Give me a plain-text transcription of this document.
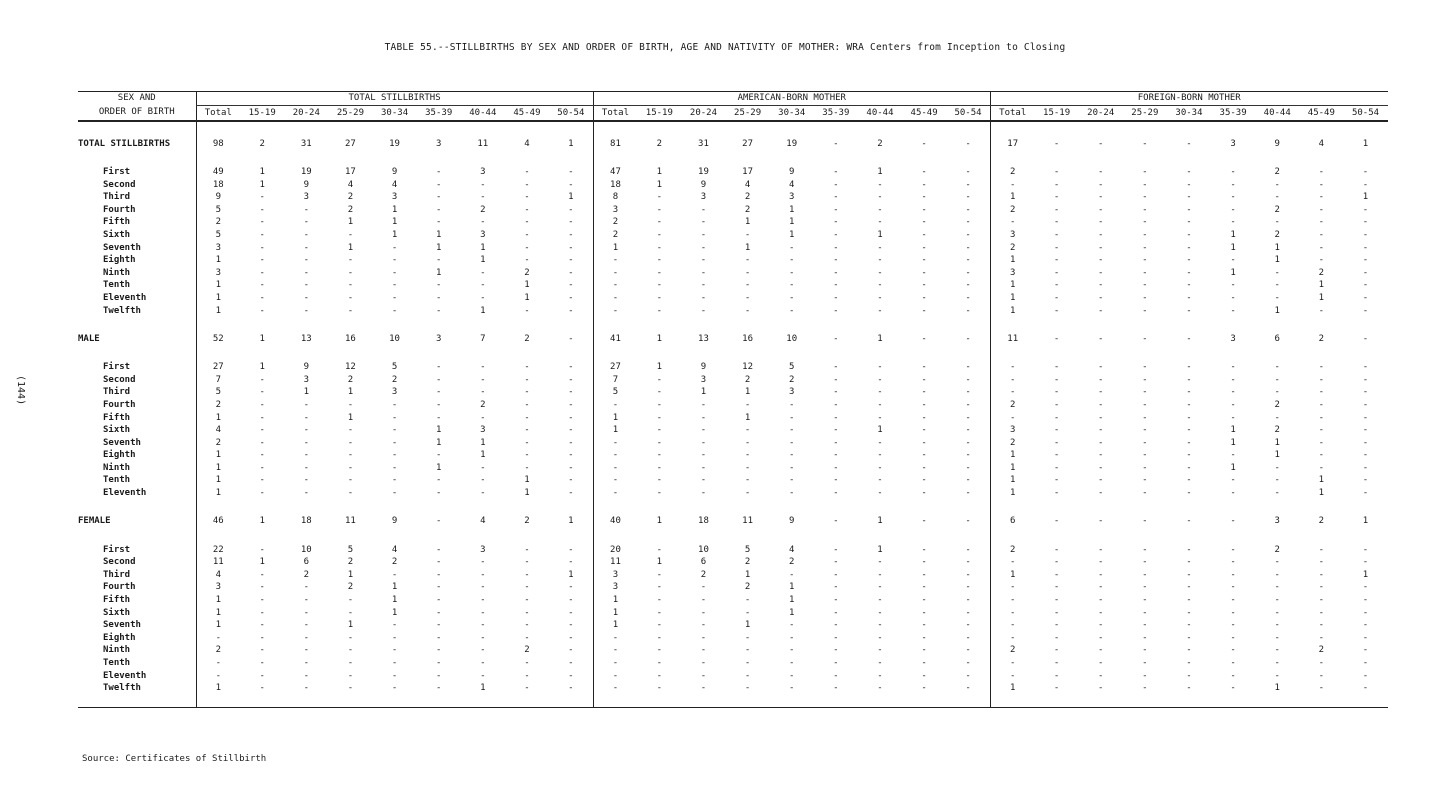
TABLE 55.--STILLBIRTHS BY SEX AND ORDER OF BIRTH, AGE AND NATIVITY OF MOTHER: WRA Centers from Inception to Closing
(144)
SEX AND	TOTAL STILLBIRTHS									AMERICAN-BORN MOTHER									FOREIGN-BORN MOTHER								
ORDER OF BIRTH	Total	15-19	20-24	25-29	30-34	35-39	40-44	45-49	50-54	Total	15-19	20-24	25-29	30-34	35-39	40-44	45-49	50-54	Total	15-19	20-24	25-29	30-34	35-39	40-44	45-49	50-54

TOTAL STILLBIRTHS	98	2	31	27	19	3	11	4	1	81	2	31	27	19	-	2	-	-	17	-	-	-	-	3	9	4	1

First	49	1	19	17	9	-	3	-	-	47	1	19	17	9	-	1	-	-	2	-	-	-	-	-	2	-	-
Second	18	1	9	4	4	-	-	-	-	18	1	9	4	4	-	-	-	-	-	-	-	-	-	-	-	-	-
Third	9	-	3	2	3	-	-	-	1	8	-	3	2	3	-	-	-	-	1	-	-	-	-	-	-	-	1
Fourth	5	-	-	2	1	-	2	-	-	3	-	-	2	1	-	-	-	-	2	-	-	-	-	-	2	-	-
Fifth	2	-	-	1	1	-	-	-	-	2	-	-	1	1	-	-	-	-	-	-	-	-	-	-	-	-	-
Sixth	5	-	-	-	1	1	3	-	-	2	-	-	-	1	-	1	-	-	3	-	-	-	-	1	2	-	-
Seventh	3	-	-	1	-	1	1	-	-	1	-	-	1	-	-	-	-	-	2	-	-	-	-	1	1	-	-
Eighth	1	-	-	-	-	-	1	-	-	-	-	-	-	-	-	-	-	-	1	-	-	-	-	-	1	-	-
Ninth	3	-	-	-	-	1	-	2	-	-	-	-	-	-	-	-	-	-	3	-	-	-	-	1	-	2	-
Tenth	1	-	-	-	-	-	-	1	-	-	-	-	-	-	-	-	-	-	1	-	-	-	-	-	-	1	-
Eleventh	1	-	-	-	-	-	-	1	-	-	-	-	-	-	-	-	-	-	1	-	-	-	-	-	-	1	-
Twelfth	1	-	-	-	-	-	1	-	-	-	-	-	-	-	-	-	-	-	1	-	-	-	-	-	1	-	-

MALE	52	1	13	16	10	3	7	2	-	41	1	13	16	10	-	1	-	-	11	-	-	-	-	3	6	2	-

First	27	1	9	12	5	-	-	-	-	27	1	9	12	5	-	-	-	-	-	-	-	-	-	-	-	-	-
Second	7	-	3	2	2	-	-	-	-	7	-	3	2	2	-	-	-	-	-	-	-	-	-	-	-	-	-
Third	5	-	1	1	3	-	-	-	-	5	-	1	1	3	-	-	-	-	-	-	-	-	-	-	-	-	-
Fourth	2	-	-	-	-	-	2	-	-	-	-	-	-	-	-	-	-	-	2	-	-	-	-	-	2	-	-
Fifth	1	-	-	1	-	-	-	-	-	1	-	-	1	-	-	-	-	-	-	-	-	-	-	-	-	-	-
Sixth	4	-	-	-	-	1	3	-	-	1	-	-	-	-	-	1	-	-	3	-	-	-	-	1	2	-	-
Seventh	2	-	-	-	-	1	1	-	-	-	-	-	-	-	-	-	-	-	2	-	-	-	-	1	1	-	-
Eighth	1	-	-	-	-	-	1	-	-	-	-	-	-	-	-	-	-	-	1	-	-	-	-	-	1	-	-
Ninth	1	-	-	-	-	1	-	-	-	-	-	-	-	-	-	-	-	-	1	-	-	-	-	1	-	-	-
Tenth	1	-	-	-	-	-	-	1	-	-	-	-	-	-	-	-	-	-	1	-	-	-	-	-	-	1	-
Eleventh	1	-	-	-	-	-	-	1	-	-	-	-	-	-	-	-	-	-	1	-	-	-	-	-	-	1	-

FEMALE	46	1	18	11	9	-	4	2	1	40	1	18	11	9	-	1	-	-	6	-	-	-	-	-	3	2	1

First	22	-	10	5	4	-	3	-	-	20	-	10	5	4	-	1	-	-	2	-	-	-	-	-	2	-	-
Second	11	1	6	2	2	-	-	-	-	11	1	6	2	2	-	-	-	-	-	-	-	-	-	-	-	-	-
Third	4	-	2	1	-	-	-	-	1	3	-	2	1	-	-	-	-	-	1	-	-	-	-	-	-	-	1
Fourth	3	-	-	2	1	-	-	-	-	3	-	-	2	1	-	-	-	-	-	-	-	-	-	-	-	-	-
Fifth	1	-	-	-	1	-	-	-	-	1	-	-	-	1	-	-	-	-	-	-	-	-	-	-	-	-	-
Sixth	1	-	-	-	1	-	-	-	-	1	-	-	-	1	-	-	-	-	-	-	-	-	-	-	-	-	-
Seventh	1	-	-	1	-	-	-	-	-	1	-	-	1	-	-	-	-	-	-	-	-	-	-	-	-	-	-
Eighth	-	-	-	-	-	-	-	-	-	-	-	-	-	-	-	-	-	-	-	-	-	-	-	-	-	-	-
Ninth	2	-	-	-	-	-	-	2	-	-	-	-	-	-	-	-	-	-	2	-	-	-	-	-	-	2	-
Tenth	-	-	-	-	-	-	-	-	-	-	-	-	-	-	-	-	-	-	-	-	-	-	-	-	-	-	-
Eleventh	-	-	-	-	-	-	-	-	-	-	-	-	-	-	-	-	-	-	-	-	-	-	-	-	-	-	-
Twelfth	1	-	-	-	-	-	1	-	-	-	-	-	-	-	-	-	-	-	1	-	-	-	-	-	1	-	-

Source: Certificates of Stillbirth
